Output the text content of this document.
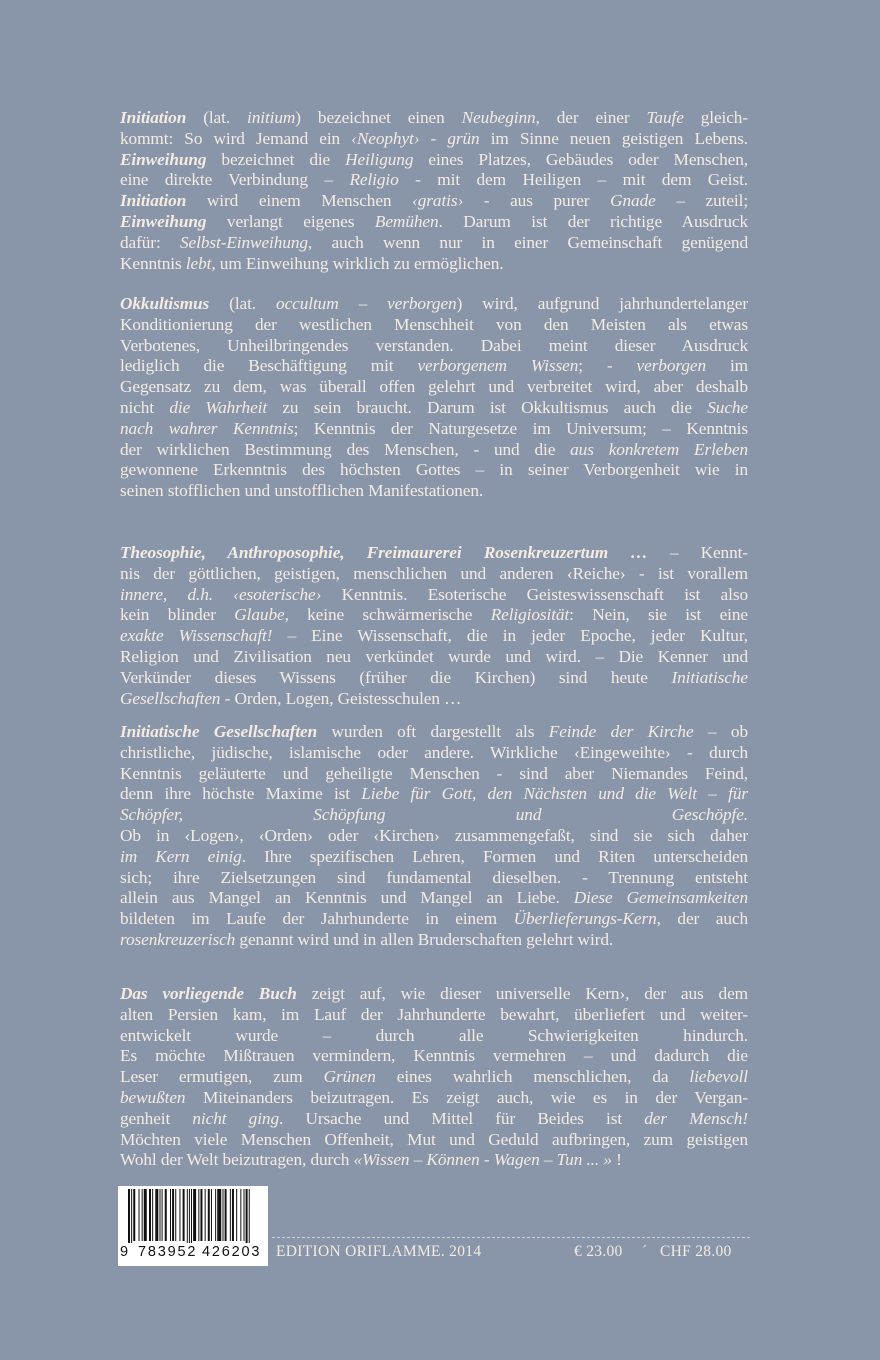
Initiation (lat. initium) bezeichnet einen Neubeginn, der einer Taufe gleich-
kommt: So wird Jemand ein ‹Neophyt› - grün im Sinne neuen geistigen Lebens.
Einweihung bezeichnet die Heiligung eines Platzes, Gebäudes oder Menschen,
eine direkte Verbindung – Religio - mit dem Heiligen – mit dem Geist.
Initiation wird einem Menschen ‹gratis› - aus purer Gnade – zuteil;
Einweihung verlangt eigenes Bemühen. Darum ist der richtige Ausdruck
dafür: Selbst-Einweihung, auch wenn nur in einer Gemeinschaft genügend
Kenntnis lebt, um Einweihung wirklich zu ermöglichen.
Okkultismus (lat. occultum – verborgen) wird, aufgrund jahrhundertelanger
Konditionierung der westlichen Menschheit von den Meisten als etwas
Verbotenes, Unheilbringendes verstanden. Dabei meint dieser Ausdruck
lediglich die Beschäftigung mit verborgenem Wissen; - verborgen im
Gegensatz zu dem, was überall offen gelehrt und verbreitet wird, aber deshalb
nicht die Wahrheit zu sein braucht. Darum ist Okkultismus auch die Suche
nach wahrer Kenntnis; Kenntnis der Naturgesetze im Universum; – Kenntnis
der wirklichen Bestimmung des Menschen, - und die aus konkretem Erleben
gewonnene Erkenntnis des höchsten Gottes – in seiner Verborgenheit wie in
seinen stofflichen und unstofflichen Manifestationen.
Theosophie, Anthroposophie, Freimaurerei Rosenkreuzertum … – Kennt-
nis der göttlichen, geistigen, menschlichen und anderen ‹Reiche› - ist vorallem
innere, d.h. ‹esoterische› Kenntnis. Esoterische Geisteswissenschaft ist also
kein blinder Glaube, keine schwärmerische Religiosität: Nein, sie ist eine
exakte Wissenschaft! – Eine Wissenschaft, die in jeder Epoche, jeder Kultur,
Religion und Zivilisation neu verkündet wurde und wird. – Die Kenner und
Verkünder dieses Wissens (früher die Kirchen) sind heute Initiatische
Gesellschaften - Orden, Logen, Geistesschulen …
Initiatische Gesellschaften wurden oft dargestellt als Feinde der Kirche – ob
christliche, jüdische, islamische oder andere. Wirkliche ‹Eingeweihte› - durch
Kenntnis geläuterte und geheiligte Menschen - sind aber Niemandes Feind,
denn ihre höchste Maxime ist Liebe für Gott, den Nächsten und die Welt – für
Schöpfer, Schöpfung und Geschöpfe.
Ob in ‹Logen›, ‹Orden› oder ‹Kirchen› zusammengefaßt, sind sie sich daher
im Kern einig. Ihre spezifischen Lehren, Formen und Riten unterscheiden
sich; ihre Zielsetzungen sind fundamental dieselben. - Trennung entsteht
allein aus Mangel an Kenntnis und Mangel an Liebe. Diese Gemeinsamkeiten
bildeten im Laufe der Jahrhunderte in einem Überlieferungs-Kern, der auch
rosenkreuzerisch genannt wird und in allen Bruderschaften gelehrt wird.
Das vorliegende Buch zeigt auf, wie dieser universelle Kern›, der aus dem
alten Persien kam, im Lauf der Jahrhunderte bewahrt, überliefert und weiter-
entwickelt wurde – durch alle Schwierigkeiten hindurch.
Es möchte Mißtrauen vermindern, Kenntnis vermehren – und dadurch die
Leser ermutigen, zum Grünen eines wahrlich menschlichen, da liebevoll
bewußten Miteinanders beizutragen. Es zeigt auch, wie es in der Vergan-
genheit nicht ging. Ursache und Mittel für Beides ist der Mensch!
Möchten viele Menschen Offenheit, Mut und Geduld aufbringen, zum geistigen
Wohl der Welt beizutragen, durch «Wissen – Können - Wagen – Tun ... » !
9 783952 426203 EDITION ORIFLAMME. 2014	€ 23.00 ´ CHF 28.00
